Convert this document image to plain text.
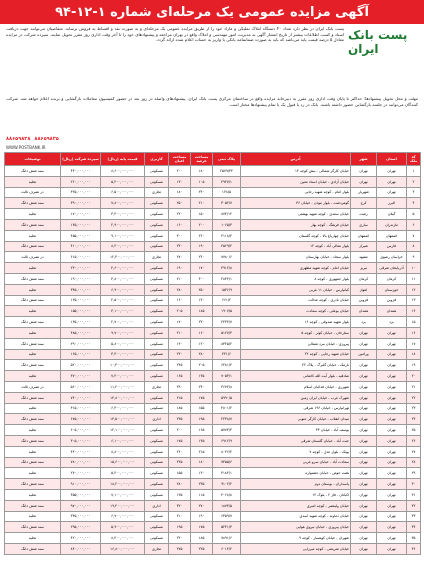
آگهی مزایده عمومی یک مرحله‌ای شماره ۱-۱۲-۹۴
پست بانک ایران
پست بانک ایران در نظر دارد تعداد ۴۰ دستگاه املاک تملیکی و مازاد خود را از طریق مزایده عمومی یک مرحله‌ای و به صورت نقد و اقساط به فروش برساند. متقاضیان می‌توانند جهت دریافت اسناد و کسب اطلاعات بیشتر از تاریخ انتشار آگهی به مدیریت امور مهندسی و املاک واقع در تهران مراجعه و پیشنهادهای خود را تا آخر وقت اداری روز مقرر تحویل نمایند. سپرده شرکت در مزایده معادل ۵ درصد قیمت پایه می‌باشد که باید به صورت ضمانتنامه بانکی یا واریز به حساب اعلام شده ارائه گردد.
مهلت و محل تحویل پیشنهادها: حداکثر تا پایان وقت اداری روز مقرر به دبیرخانه مزایده واقع در ساختمان مرکزی پست بانک ایران. پیشنهادهای واصله در روز بعد در حضور کمیسیون معاملات بازگشایی و برنده اعلام خواهد شد. شرکت کنندگان می‌توانند در جلسه بازگشایی حضور داشته باشند. بانک در رد یا قبول یک یا تمام پیشنهادها مختار است.
۸۸۶۵۹۸۳۸ ۸۸۶۵۹۸۳۵
WWW.POSTBANK.IR
کد ملک	استان	شهر	آدرس	پلاک ثبتی	مساحت عرصه	مساحت اعیان	کاربری	قیمت پایه (ریال)	سپرده شرکت (ریال)	توضیحات
۱	تهران	تهران	خیابان کارگر شمالی - نبش کوچه ۱۴	۲۵۷۹/۳۴	۱۸۰	۲۰۰	مسکونی	۸,۶۰۰,۰۰۰,۰۰۰	۴۳۰,۰۰۰,۰۰۰	سند شش دانگ
۲	تهران	تهران	خیابان آزادی - خیابان استاد معین	۴۹۲۷/۱	۱۰۵	۱۳۰	مسکونی	۵,۲۰۰,۰۰۰,۰۰۰	۲۶۰,۰۰۰,۰۰۰	تخلیه
۳	تهران	شهریار	بلوار امام - کوچه شهید رجایی	۱۲۸/۵	۲۴۰	۱۸۰	تجاری	۶,۵۰۰,۰۰۰,۰۰۰	۳۲۵,۰۰۰,۰۰۰	در تصرف ثالث
۴	البرز	کرج	گوهردشت - بلوار موذن - خیابان ۳۶	۳۰۵۲/۷	۲۱۰	۲۵۰	مسکونی	۷,۸۰۰,۰۰۰,۰۰۰	۳۹۰,۰۰۰,۰۰۰	سند شش دانگ
۵	گیلان	رشت	خیابان سعدی - کوچه شهید بهشتی	۸۷۴/۱۲	۱۵۰	۲۲۰	مسکونی	۳,۴۰۰,۰۰۰,۰۰۰	۱۷۰,۰۰۰,۰۰۰	تخلیه
۶	مازندران	ساری	خیابان فرهنگ - کوچه بهار	۱۰۶۵/۳	۲۰۰	۱۶۰	مسکونی	۲,۹۰۰,۰۰۰,۰۰۰	۱۴۵,۰۰۰,۰۰۰	سند شش دانگ
۷	اصفهان	اصفهان	خیابان چهارباغ بالا - کوچه گلستان	۲۱۱۸/۴	۲۶۰	۳۰۰	مسکونی	۹,۱۰۰,۰۰۰,۰۰۰	۴۵۵,۰۰۰,۰۰۰	تخلیه
۸	فارس	شیراز	بلوار معالی آباد - کوچه ۱۲	۴۵۶۹/۲	۱۹۰	۲۴۰	مسکونی	۸,۲۰۰,۰۰۰,۰۰۰	۴۱۰,۰۰۰,۰۰۰	سند شش دانگ
۹	خراسان رضوی	مشهد	بلوار سجاد - خیابان بهارستان	۷۷۸۰/۶	۲۲۰	۲۷۰	تجاری	۱۲,۳۰۰,۰۰۰,۰۰۰	۶۱۵,۰۰۰,۰۰۰	در تصرف ثالث
۱۰	آذربایجان شرقی	تبریز	خیابان امام - کوچه شهید مطهری	۳۹۱۲/۸	۱۷۰	۱۹۰	مسکونی	۴,۶۰۰,۰۰۰,۰۰۰	۲۳۰,۰۰۰,۰۰۰	تخلیه
۱۱	کرمان	کرمان	بلوار جمهوری - کوچه ۸	۲۸۴۴/۱	۳۰۰	۲۱۰	مسکونی	۳,۸۰۰,۰۰۰,۰۰۰	۱۹۰,۰۰۰,۰۰۰	سند شش دانگ
۱۲	خوزستان	اهواز	کیانپارس - خیابان ۱۱ غربی	۱۵۳۶/۹	۲۵۰	۲۸۰	مسکونی	۶,۹۰۰,۰۰۰,۰۰۰	۳۴۵,۰۰۰,۰۰۰	تخلیه
۱۳	قزوین	قزوین	خیابان نادری - کوچه عدالت	۶۶۱/۲	۱۴۰	۱۶۰	مسکونی	۲,۵۰۰,۰۰۰,۰۰۰	۱۲۵,۰۰۰,۰۰۰	سند شش دانگ
۱۴	همدان	همدان	خیابان بوعلی - کوچه سعادت	۱۹۰۷/۵	۱۸۵	۲۰۵	مسکونی	۳,۱۰۰,۰۰۰,۰۰۰	۱۵۵,۰۰۰,۰۰۰	تخلیه
۱۵	یزد	یزد	بلوار شهید صدوقی - کوچه ۱۶	۲۴۳۳/۷	۲۳۰	۱۷۰	مسکونی	۲,۷۰۰,۰۰۰,۰۰۰	۱۳۵,۰۰۰,۰۰۰	سند شش دانگ
۱۶	تهران	تهران	ستارخان - خیابان کوثر - کوچه ۵	۵۱۲۷/۳	۱۶۰	۲۱۰	مسکونی	۹,۷۰۰,۰۰۰,۰۰۰	۴۸۵,۰۰۰,۰۰۰	تخلیه
۱۷	تهران	تهران	پیروزی - خیابان نبرد شمالی	۸۳۴۵/۲	۱۲۰	۱۴۰	مسکونی	۵,۸۰۰,۰۰۰,۰۰۰	۲۹۰,۰۰۰,۰۰۰	سند شش دانگ
۱۸	تهران	ورامین	خیابان شهید رجایی - کوچه ۲۲	۴۴۱/۶	۲۸۰	۲۳۰	مسکونی	۳,۳۰۰,۰۰۰,۰۰۰	۱۶۵,۰۰۰,۰۰۰	تخلیه
۱۹	تهران	تهران	نارمک - خیابان گلبرگ - پلاک ۴۲	۶۲۸۱/۴	۲۰۵	۲۴۵	مسکونی	۱۰,۴۰۰,۰۰۰,۰۰۰	۵۲۰,۰۰۰,۰۰۰	سند شش دانگ
۲۰	تهران	تهران	صادقیه - بلوار آیت الله کاشانی	۷۰۵۳/۱	۱۳۵	۱۶۵	مسکونی	۷,۴۰۰,۰۰۰,۰۰۰	۳۷۰,۰۰۰,۰۰۰	تخلیه
۲۱	تهران	تهران	شهرری - خیابان فدائیان اسلام	۳۶۷۲/۸	۲۴۰	۲۹۰	تجاری	۱۱,۲۰۰,۰۰۰,۰۰۰	۵۶۰,۰۰۰,۰۰۰	در تصرف ثالث
۲۲	تهران	تهران	شهرک غرب - خیابان ایران زمین	۵۹۹۰/۵	۱۷۵	۲۱۵	مسکونی	۱۴,۸۰۰,۰۰۰,۰۰۰	۷۴۰,۰۰۰,۰۰۰	سند شش دانگ
۲۳	تهران	تهران	تهرانپارس - خیابان ۱۹۶ شرقی	۴۸۰۱/۲	۱۵۵	۱۸۵	مسکونی	۶,۳۰۰,۰۰۰,۰۰۰	۳۱۵,۰۰۰,۰۰۰	تخلیه
۲۴	تهران	تهران	میدان انقلاب - خیابان کارگر جنوبی	۲۲۳۸/۷	۱۹۵	۲۳۵	اداری	۱۳,۵۰۰,۰۰۰,۰۰۰	۶۷۵,۰۰۰,۰۰۰	سند شش دانگ
۲۵	تهران	تهران	یوسف آباد - خیابان ۳۳	۵۷۷۳/۳	۱۶۵	۲۰۰	مسکونی	۱۲,۱۰۰,۰۰۰,۰۰۰	۶۰۵,۰۰۰,۰۰۰	تخلیه
۲۶	تهران	تهران	جنت آباد - خیابان گلستان شرقی	۶۹۱۲/۹	۱۴۵	۱۷۵	مسکونی	۶,۱۰۰,۰۰۰,۰۰۰	۳۰۵,۰۰۰,۰۰۰	سند شش دانگ
۲۷	تهران	تهران	پونک - بلوار عدل - کوچه ۷	۸۰۲۶/۴	۲۱۵	۲۶۰	مسکونی	۸,۸۰۰,۰۰۰,۰۰۰	۴۴۰,۰۰۰,۰۰۰	تخلیه
۲۸	تهران	تهران	سعادت آباد - خیابان سرو غربی	۷۴۵۵/۶	۱۸۰	۲۲۵	مسکونی	۱۵,۶۰۰,۰۰۰,۰۰۰	۷۸۰,۰۰۰,۰۰۰	سند شش دانگ
۲۹	تهران	تهران	هفت حوض - خیابان جشنواره	۳۱۸۴/۱	۱۳۰	۱۵۵	مسکونی	۵,۴۰۰,۰۰۰,۰۰۰	۲۷۰,۰۰۰,۰۰۰	تخلیه
۳۰	تهران	تهران	پاسداران - بوستان دوم	۹۱۰۲/۲	۲۳۵	۲۸۰	مسکونی	۱۸,۲۰۰,۰۰۰,۰۰۰	۹۱۰,۰۰۰,۰۰۰	سند شش دانگ
۳۱	تهران	تهران	اکباتان - فاز ۲ - بلوک ۱۴	۴۰۶۸/۸	۱۱۵	۱۳۵	مسکونی	۷,۱۰۰,۰۰۰,۰۰۰	۳۵۵,۰۰۰,۰۰۰	تخلیه
۳۲	تهران	تهران	خیابان ولیعصر - کوچه امیری	۱۸۷۳/۵	۲۷۰	۳۲۰	اداری	۱۹,۴۰۰,۰۰۰,۰۰۰	۹۷۰,۰۰۰,۰۰۰	سند شش دانگ
۳۳	تهران	تهران	خیابان دماوند - کوچه شهید اسدی	۶۳۵۹/۷	۱۹۰	۲۱۰	مسکونی	۶,۷۰۰,۰۰۰,۰۰۰	۳۳۵,۰۰۰,۰۰۰	تخلیه
۳۴	تهران	تهران	خیابان پیروزی - خیابان نیروی هوایی	۵۲۴۱/۳	۱۷۵	۱۹۵	مسکونی	۵,۹۰۰,۰۰۰,۰۰۰	۲۹۵,۰۰۰,۰۰۰	سند شش دانگ
۳۵	تهران	تهران	شهران - خیابان کوهسار - کوچه ۹	۷۸۹۱/۶	۱۸۵	۲۲۰	مسکونی	۸,۴۰۰,۰۰۰,۰۰۰	۴۲۰,۰۰۰,۰۰۰	تخلیه
۳۶	تهران	تهران	خیابان شریعتی - کوچه میرزایی	۶۰۱۴/۲	۲۲۵	۲۷۵	تجاری	۱۶,۸۰۰,۰۰۰,۰۰۰	۸۴۰,۰۰۰,۰۰۰	سند شش دانگ
